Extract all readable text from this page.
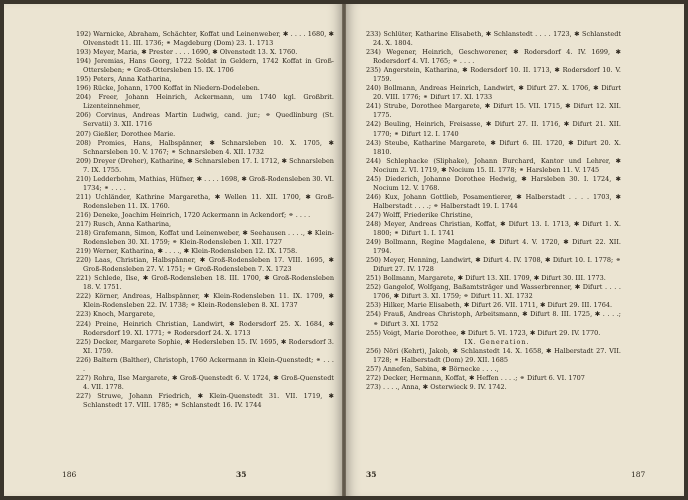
192) Warnicke, Abraham, Schächter, Koffat und Leinenweber, ✱ . . . . 1680, ✱ Olvenstedt 11. III. 1736; ⚭ Magdeburg (Dom) 23. 1. 1713
193) Meyer, Maria, ✱ Prester . . . . 1690, ✱ Olvenstedt 13. X. 1760.
194) Jeremias, Hans Georg, 1722 Soldat in Geldern, 1742 Koffat in Groß-Ottersleben; ⚭ Groß-Ottersleben 15. IX. 1706
195) Peters, Anna Katharina,
196) Rücke, Johann, 1700 Koffat in Niedern-Dodeleben.
204) Freer, Johann Heinrich, Ackermann, um 1740 kgl. Großbrit. Lizenteinnehmer,
206) Corvinus, Andreas Martin Ludwig, cand. jur.; ⚭ Quedlinburg (St. Servatii) 3. XII. 1716
207) Gießler, Dorothee Marie.
208) Promies, Hans, Halbspänner, ✱ Schnarsleben 10. X. 1705, ✱ Schnarsleben 10. V. 1767; ⚭ Schnarsleben 4. XII. 1732
209) Dreyer (Dreher), Katharine, ✱ Schnarsleben 17. I. 1712, ✱ Schnarsleben 7. IX. 1755.
210) Ledderbohm, Mathias, Hüfner, ✱ . . . . 1698, ✱ Groß-Rodensleben 30. VI. 1734; ⚭ . . . .
211) Uchländer, Kathrine Margaretha, ✱ Wellen 11. XII. 1700, ✱ Groß-Rodensleben 11. IX. 1760.
216) Deneke, Joachim Heinrich, 1720 Ackermann in Ackendorf; ⚭ . . . .
217) Rusch, Anna Katharina,
218) Grafemann, Simon, Koffat und Leinenweber, ✱ Seehausen . . . ., ✱ Klein-Rodensleben 30. XI. 1759; ⚭ Klein-Rodensleben 1. XII. 1727
219) Werner, Katharina, ✱ . . . ., ✱ Klein-Rodensleben 12. IX. 1758.
220) Laas, Christian, Halbspänner, ✱ Groß-Rodensleben 17. VIII. 1695, ✱ Groß-Rodensleben 27. V. 1751; ⚭ Groß-Rodensleben 7. X. 1723
221) Schlede, Ilse, ✱ Groß-Rodensleben 18. III. 1700, ✱ Groß-Rodensleben 18. V. 1751.
222) Körner, Andreas, Halbspänner, ✱ Klein-Rodensleben 11. IX. 1709, ✱ Klein-Rodensleben 22. IV. 1738; ⚭ Klein-Rodensleben 8. XI. 1737
223) Knoch, Margarete,
224) Preine, Heinrich Christian, Landwirt, ✱ Rodersdorf 25. X. 1684, ✱ Rodersdorf 19. XI. 1771; ⚭ Rodersdorf 24. X. 1713
225) Decker, Margarete Sophie, ✱ Hedersleben 15. IV. 1695, ✱ Rodersdorf 3. XI. 1759.
226) Baltern (Balther), Christoph, 1760 Ackermann in Klein-Quenstedt; ⚭ . . . .
227) Rohra, Ilse Margarete, ✱ Groß-Quenstedt 6. V. 1724, ✱ Groß-Quenstedt 4. VII. 1778.
227) Struwe, Johann Friedrich, ✱ Klein-Quenstedt 31. VII. 1719, ✱ Schlanstedt 17. VIII. 1785; ⚭ Schlanstedt 16. IV. 1744
186	35
233) Schlüter, Katharine Elisabeth, ✱ Schlanstedt . . . . 1723, ✱ Schlanstedt 24. X. 1804.
234) Wegener, Heinrich, Geschworener, ✱ Rodersdorf 4. IV. 1699, ✱ Rodersdorf 4. VI. 1765; ⚭ . . . .
235) Angerstein, Katharina, ✱ Rodersdorf 10. II. 1713, ✱ Rodersdorf 10. V. 1759.
240) Bollmann, Andreas Heinrich, Landwirt, ✱ Difurt 27. X. 1706, ✱ Difurt 20. VIII. 1776; ⚭ Difurt 17. XI. 1733
241) Strube, Dorothee Margarete, ✱ Difurt 15. VII. 1715, ✱ Difurt 12. XII. 1775.
242) Beuling, Heinrich, Freisasse, ✱ Difurt 27. II. 1716, ✱ Difurt 21. XII. 1770; ⚭ Difurt 12. I. 1740
243) Steube, Katharine Margarete, ✱ Difurt 6. III. 1720, ✱ Difurt 20. X. 1810.
244) Schlephacke (Sliphake), Johann Burchard, Kantor und Lehrer, ✱ Nocium 2. VI. 1719, ✱ Nocium 15. II. 1778; ⚭ Harsleben 11. V. 1745
245) Diederich, Johanne Dorothee Hedwig, ✱ Harsleben 30. I. 1724, ✱ Nocium 12. V. 1768.
246) Kux, Johann Gottlieb, Posamentierer, ✱ Halberstadt . . . . 1703, ✱ Halberstadt . . . .; ⚭ Halberstadt 19. I. 1744
247) Wolff, Friederike Christine,
248) Meyer, Andreas Christian, Koffat, ✱ Difurt 13. I. 1713, ✱ Difurt 1. X. 1800; ⚭ Difurt 1. I. 1741
249) Bollmann, Regine Magdalene, ✱ Difurt 4. V. 1720, ✱ Difurt 22. XII. 1794.
250) Meyer, Henning, Landwirt, ✱ Difurt 4. IV. 1708, ✱ Difurt 10. I. 1778; ⚭ Difurt 27. IV. 1728
251) Bollmann, Margarete, ✱ Difurt 13. XII. 1709, ✱ Difurt 30. III. 1773.
252) Gangelof, Wolfgang, Baßamtsträger und Wasserbrenner, ✱ Difurt . . . . 1706, ✱ Difurt 3. XI. 1759; ⚭ Difurt 11. XI. 1732
253) Hilker, Marie Elisabeth, ✱ Difurt 26. VII. 1711, ✱ Difurt 29. III. 1764.
254) Frauß, Andreas Christoph, Arbeitsmann, ✱ Difurt 8. III. 1725, ✱ . . . .; ⚭ Difurt 3. XI. 1752
255) Voigt, Marie Dorothee, ✱ Difurt 5. VI. 1723, ✱ Difurt 29. IV. 1770.
IX. Generation.
256) Nöri (Kehrt), Jakob, ✱ Schlanstedt 14. X. 1658, ✱ Halberstadt 27. VII. 1728; ⚭ Halberstadt (Dom) 29. XII. 1685
257) Annefen, Sabina, ✱ Börnecke . . . .,
272) Decker, Hermann, Koffat, ✱ Heffen . . . .; ⚭ Difurt 6. VI. 1707
273) . . . ., Anna, ✱ Osterwieck 9. IV. 1742.
35	187
